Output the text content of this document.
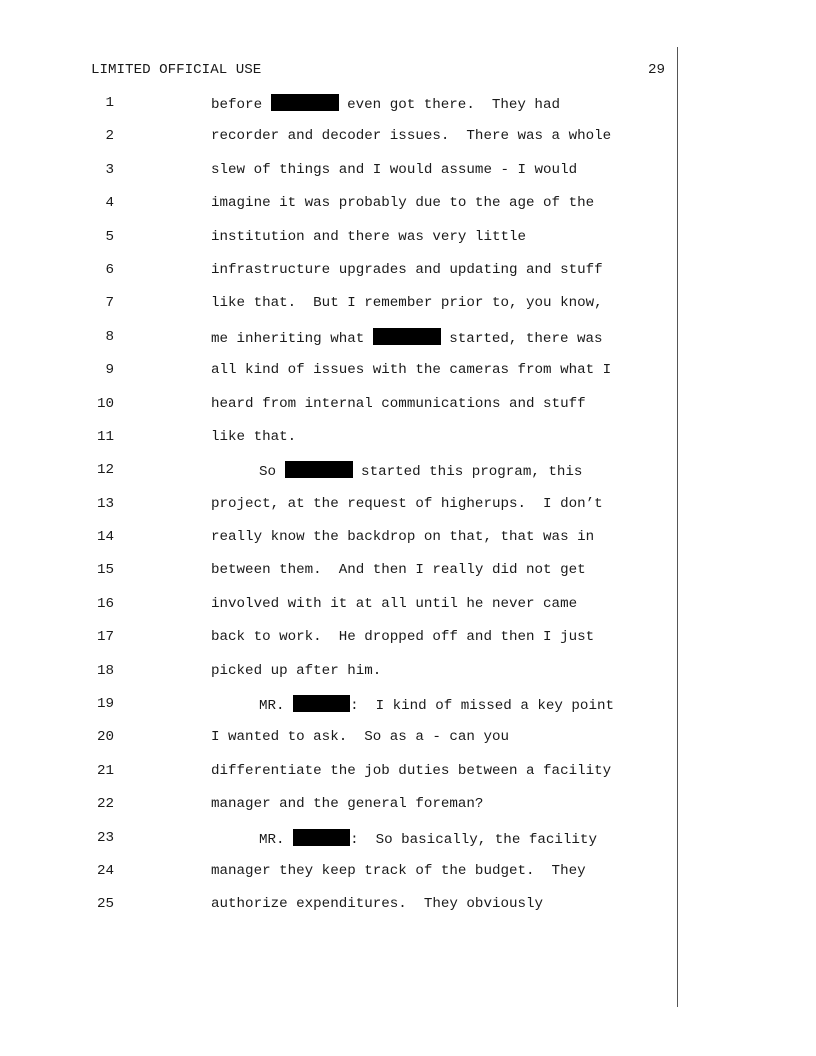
LIMITED OFFICIAL USE	29
1	before	even got there.  They had
2	recorder and decoder issues.  There was a whole
3	slew of things and I would assume - I would
4	imagine it was probably due to the age of the
5	institution and there was very little
6	infrastructure upgrades and updating and stuff
7	like that.  But I remember prior to, you know,
8	me inheriting what	started, there was
9	all kind of issues with the cameras from what I
10	heard from internal communications and stuff
11	like that.
12	So	started this program, this
13	project, at the request of higherups.  I don’t
14	really know the backdrop on that, that was in
15	between them.  And then I really did not get
16	involved with it at all until he never came
17	back to work.  He dropped off and then I just
18	picked up after him.
19	MR.	:  I kind of missed a key point
20	I wanted to ask.  So as a - can you
21	differentiate the job duties between a facility
22	manager and the general foreman?
23	MR.	:  So basically, the facility
24	manager they keep track of the budget.  They
25	authorize expenditures.  They obviously
